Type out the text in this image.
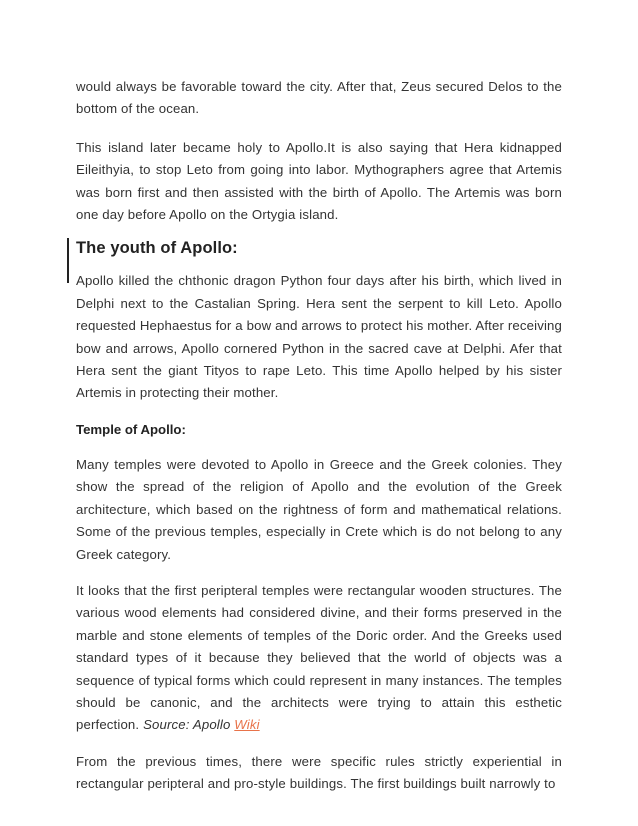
would always be favorable toward the city. After that, Zeus secured Delos to the bottom of the ocean.

This island later became holy to Apollo.It is also saying that Hera kidnapped Eileithyia, to stop Leto from going into labor. Mythographers agree that Artemis was born first and then assisted with the birth of Apollo. The Artemis was born one day before Apollo on the Ortygia island.

The youth of Apollo:

Apollo killed the chthonic dragon Python four days after his birth, which lived in Delphi next to the Castalian Spring. Hera sent the serpent to kill Leto. Apollo requested Hephaestus for a bow and arrows to protect his mother. After receiving bow and arrows, Apollo cornered Python in the sacred cave at Delphi. Afer that Hera sent the giant Tityos to rape Leto. This time Apollo helped by his sister Artemis in protecting their mother.

Temple of Apollo:

Many temples were devoted to Apollo in Greece and the Greek colonies. They show the spread of the religion of Apollo and the evolution of the Greek architecture, which based on the rightness of form and mathematical relations. Some of the previous temples, especially in Crete which is do not belong to any Greek category.

It looks that the first peripteral temples were rectangular wooden structures. The various wood elements had considered divine, and their forms preserved in the marble and stone elements of temples of the Doric order. And the Greeks used standard types of it because they believed that the world of objects was a sequence of typical forms which could represent in many instances. The temples should be canonic, and the architects were trying to attain this esthetic perfection. Source: Apollo Wiki

From the previous times, there were specific rules strictly experiential in rectangular peripteral and pro-style buildings. The first buildings built narrowly to
